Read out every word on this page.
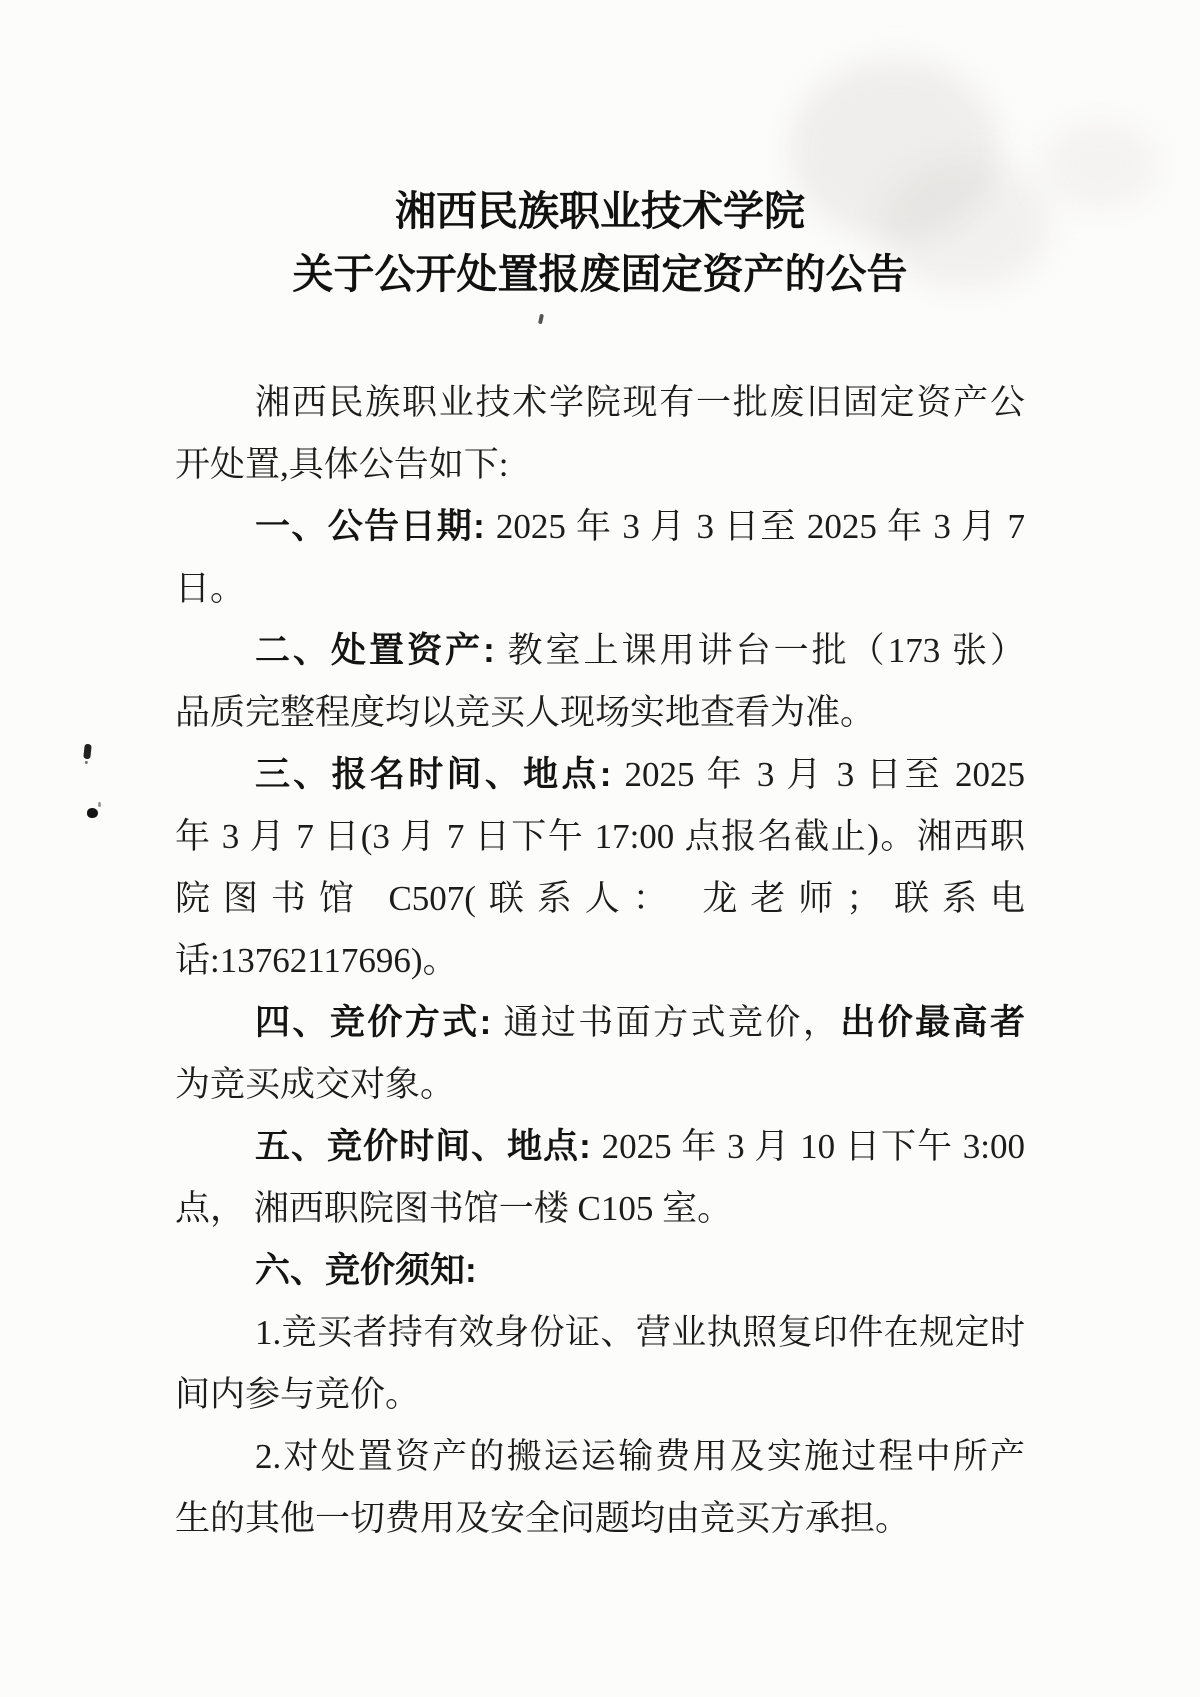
湘西民族职业技术学院
关于公开处置报废固定资产的公告
湘西民族职业技术学院现有一批废旧固定资产公
开处置,具体公告如下:
一、公告日期: 2025 年 3 月 3 日至 2025 年 3 月 7
日。
二、处置资产: 教室上课用讲台一批（173 张）
品质完整程度均以竞买人现场实地查看为准。
三、报名时间、地点: 2025 年 3 月 3 日至 2025
年 3 月 7 日(3 月 7 日下午 17:00 点报名截止)。湘西职
院图书馆 C507(联系人： 龙老师；联系电
话:13762117696)。
四、竞价方式: 通过书面方式竞价，出价最高者
为竞买成交对象。
五、竞价时间、地点: 2025 年 3 月 10 日下午 3:00
点， 湘西职院图书馆一楼 C105 室。
六、竞价须知:
1.竞买者持有效身份证、营业执照复印件在规定时
间内参与竞价。
2.对处置资产的搬运运输费用及实施过程中所产
生的其他一切费用及安全问题均由竞买方承担。
